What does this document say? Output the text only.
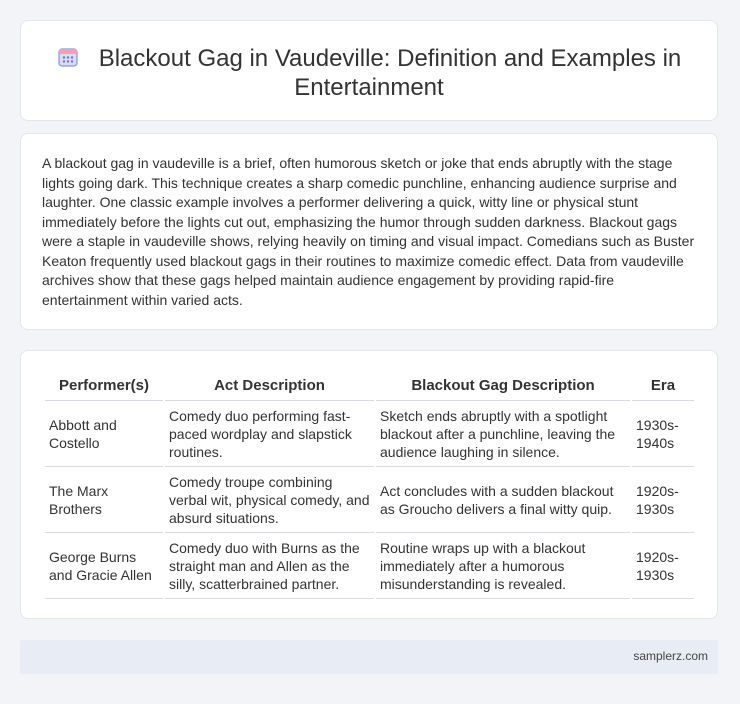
Blackout Gag in Vaudeville: Definition and Examples in Entertainment
A blackout gag in vaudeville is a brief, often humorous sketch or joke that ends abruptly with the stage lights going dark. This technique creates a sharp comedic punchline, enhancing audience surprise and laughter. One classic example involves a performer delivering a quick, witty line or physical stunt immediately before the lights cut out, emphasizing the humor through sudden darkness. Blackout gags were a staple in vaudeville shows, relying heavily on timing and visual impact. Comedians such as Buster Keaton frequently used blackout gags in their routines to maximize comedic effect. Data from vaudeville archives show that these gags helped maintain audience engagement by providing rapid-fire entertainment within varied acts.
Performer(s)	Act Description	Blackout Gag Description	Era
Abbott and Costello	Comedy duo performing fast-paced wordplay and slapstick routines.	Sketch ends abruptly with a spotlight blackout after a punchline, leaving the audience laughing in silence.	1930s-1940s
The Marx Brothers	Comedy troupe combining verbal wit, physical comedy, and absurd situations.	Act concludes with a sudden blackout as Groucho delivers a final witty quip.	1920s-1930s
George Burns and Gracie Allen	Comedy duo with Burns as the straight man and Allen as the silly, scatterbrained partner.	Routine wraps up with a blackout immediately after a humorous misunderstanding is revealed.	1920s-1930s
samplerz.com
